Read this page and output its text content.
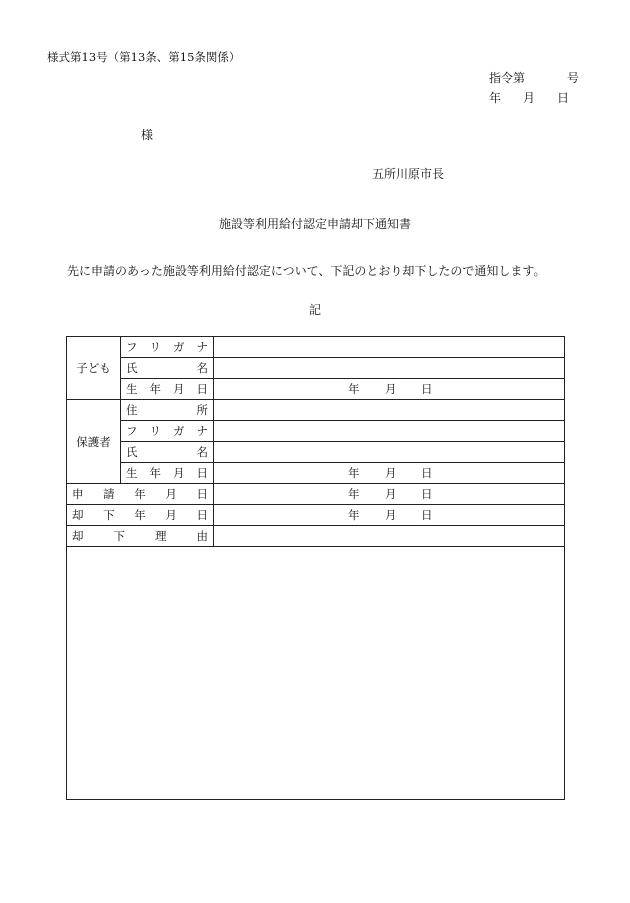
様式第13号（第13条、第15条関係）
指令第	号
年 月 日
様
五所川原市長
施設等利用給付認定申請却下通知書
先に申請のあった施設等利用給付認定について、下記のとおり却下したので通知します。
記
子ども	フ リ ガ ナ	

	氏 名	

	生 年 月 日	年 月 日

保護者	住 所	

	フ リ ガ ナ	

	氏 名	

	生 年 月 日	年 月 日

申 請 年 月 日		年 月 日

却 下 年 月 日		年 月 日

却 下 理 由		
